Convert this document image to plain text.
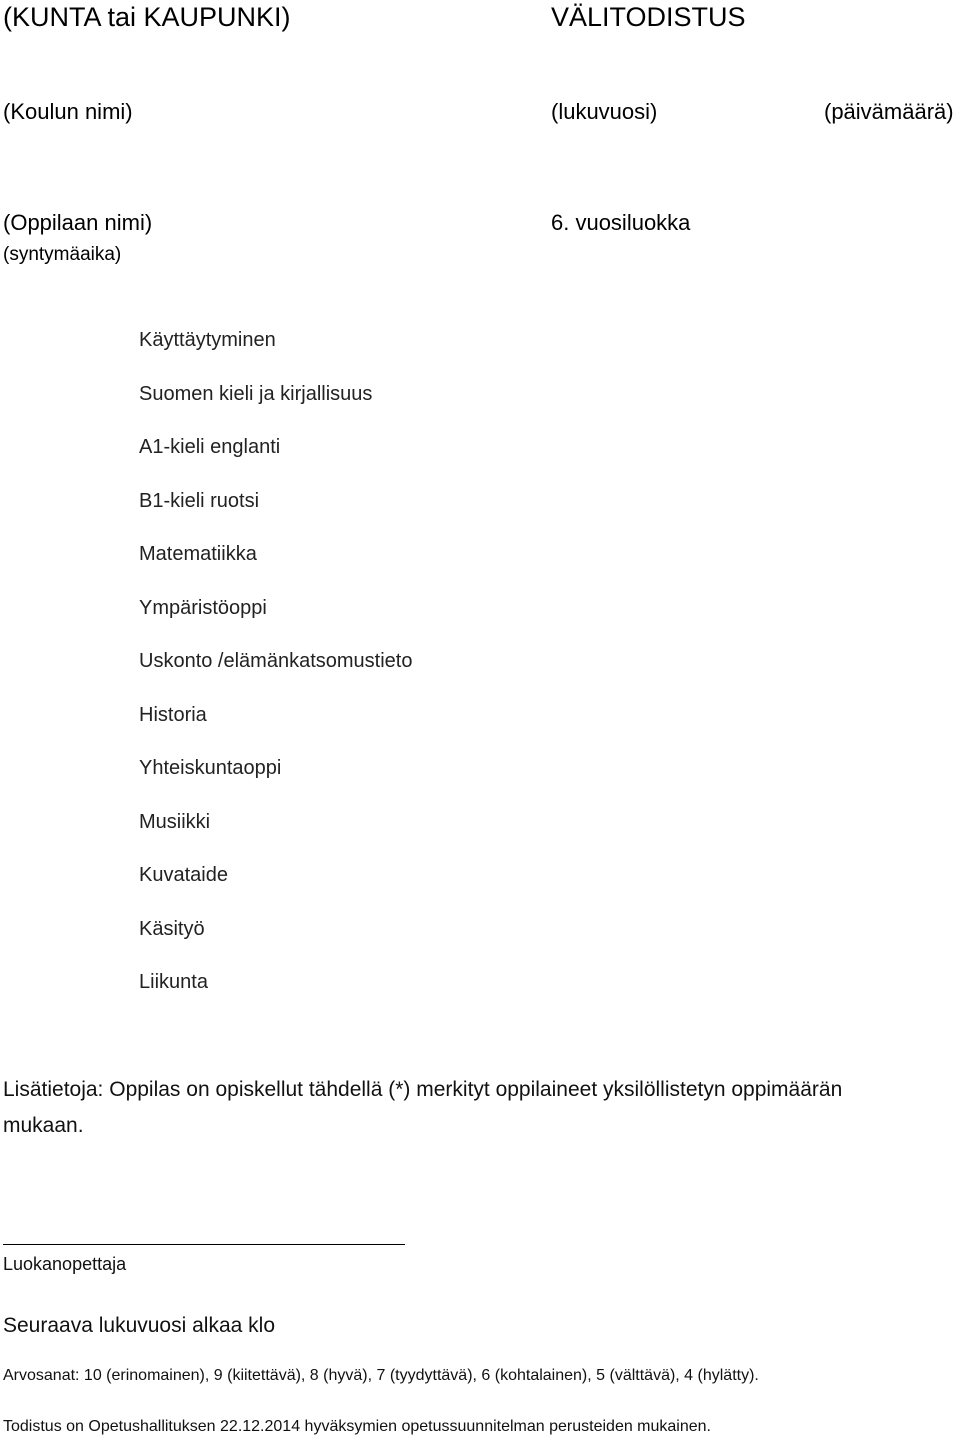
(KUNTA tai KAUPUNKI)	VÄLITODISTUS
(Koulun nimi)	(lukuvuosi)	(päivämäärä)
(Oppilaan nimi)	6. vuosiluokka
(syntymäaika)
Käyttäytyminen
Suomen kieli ja kirjallisuus
A1-kieli englanti
B1-kieli ruotsi
Matematiikka
Ympäristöoppi
Uskonto /elämänkatsomustieto
Historia
Yhteiskuntaoppi
Musiikki
Kuvataide
Käsityö
Liikunta
Lisätietoja: Oppilas on opiskellut tähdellä (*) merkityt oppilaineet yksilöllistetyn oppimäärän
mukaan.
Luokanopettaja
Seuraava lukuvuosi alkaa klo
Arvosanat: 10 (erinomainen), 9 (kiitettävä), 8 (hyvä), 7 (tyydyttävä), 6 (kohtalainen), 5 (välttävä), 4 (hylätty).
Todistus on Opetushallituksen 22.12.2014 hyväksymien opetussuunnitelman perusteiden mukainen.
